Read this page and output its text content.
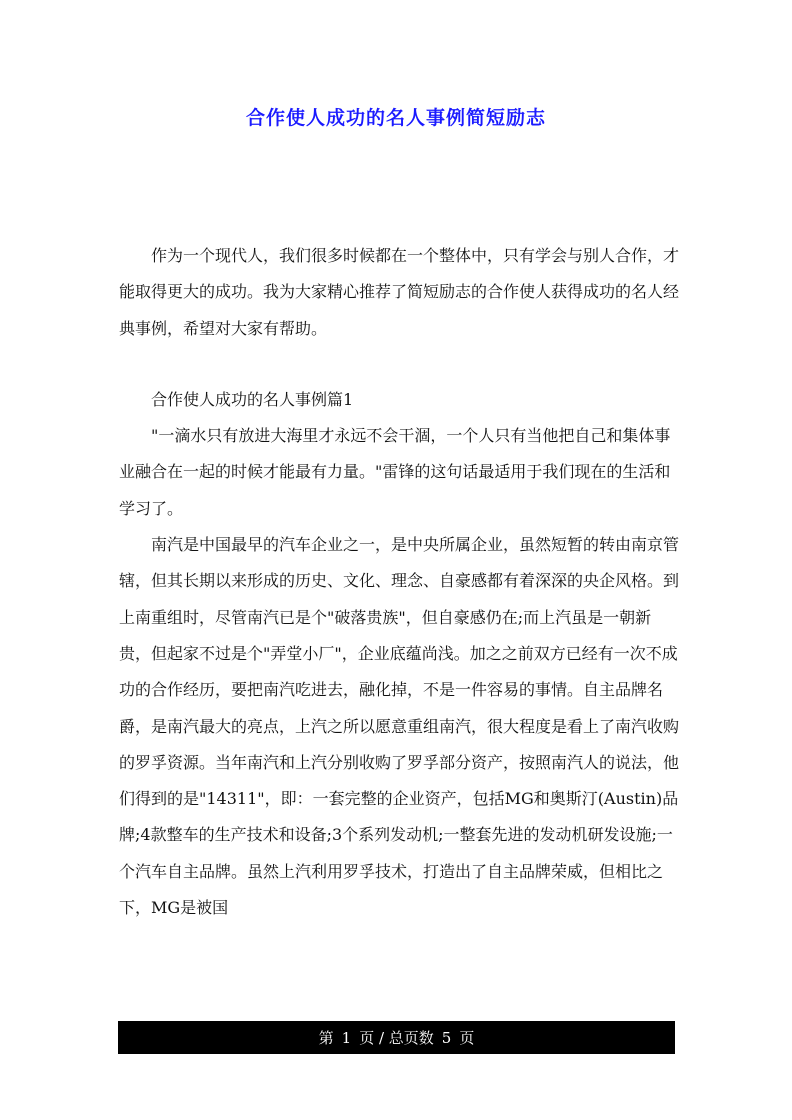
合作使人成功的名人事例简短励志

作为一个现代人，我们很多时候都在一个整体中，只有学会与别人合作，才能取得更大的成功。我为大家精心推荐了简短励志的合作使人获得成功的名人经典事例，希望对大家有帮助。

合作使人成功的名人事例篇1

"一滴水只有放进大海里才永远不会干涸，一个人只有当他把自己和集体事业融合在一起的时候才能最有力量。"雷锋的这句话最适用于我们现在的生活和学习了。

南汽是中国最早的汽车企业之一，是中央所属企业，虽然短暂的转由南京管辖，但其长期以来形成的历史、文化、理念、自豪感都有着深深的央企风格。到上南重组时，尽管南汽已是个"破落贵族"，但自豪感仍在;而上汽虽是一朝新贵，但起家不过是个"弄堂小厂"，企业底蕴尚浅。加之之前双方已经有一次不成功的合作经历，要把南汽吃进去，融化掉，不是一件容易的事情。自主品牌名爵，是南汽最大的亮点，上汽之所以愿意重组南汽，很大程度是看上了南汽收购的罗孚资源。当年南汽和上汽分别收购了罗孚部分资产，按照南汽人的说法，他们得到的是"14311"，即：一套完整的企业资产，包括MG和奥斯汀(Austin)品牌;4款整车的生产技术和设备;3个系列发动机;一整套先进的发动机研发设施;一个汽车自主品牌。虽然上汽利用罗孚技术，打造出了自主品牌荣威，但相比之下，MG是被国

第 1 页 / 总页数 5 页
